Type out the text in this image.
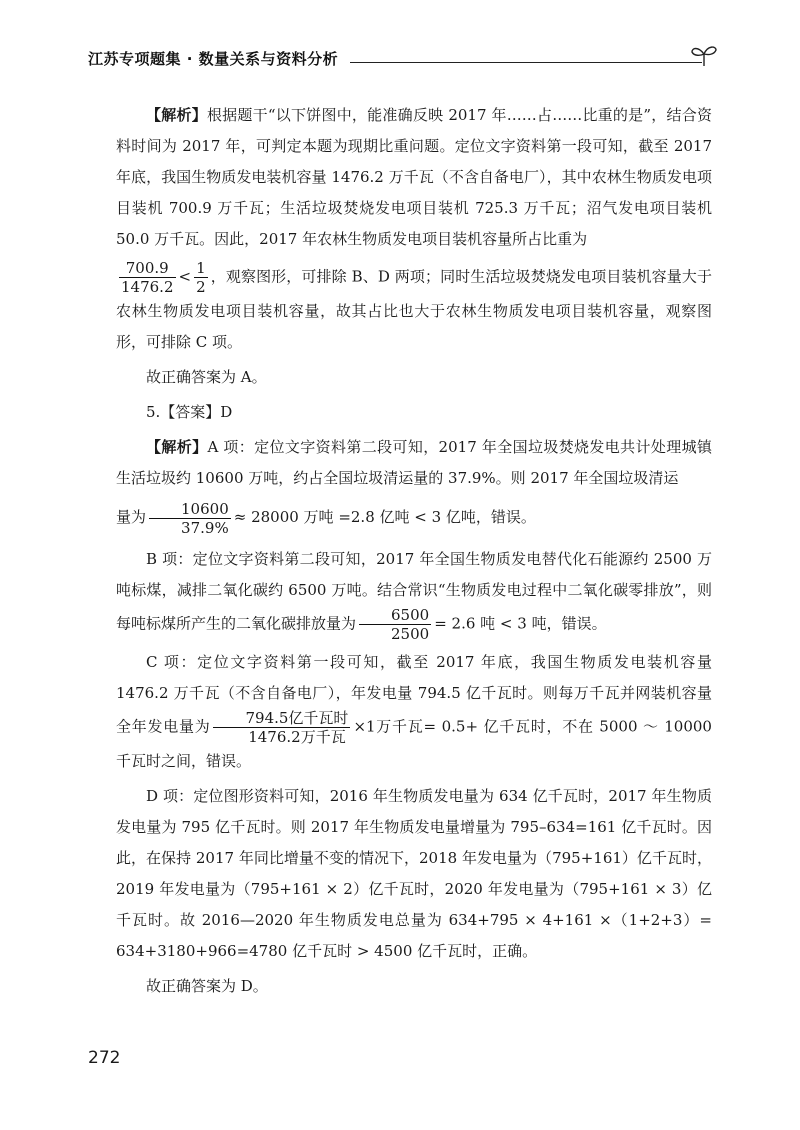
江苏专项题集 · 数量关系与资料分析

【解析】根据题干“以下饼图中，能准确反映 2017 年……占……比重的是”，结合资料时间为 2017 年，可判定本题为现期比重问题。定位文字资料第一段可知，截至 2017 年底，我国生物质发电装机容量 1476.2 万千瓦（不含自备电厂），其中农林生物质发电项目装机 700.9 万千瓦；生活垃圾焚烧发电项目装机 725.3 万千瓦；沼气发电项目装机 50.0 万千瓦。因此，2017 年农林生物质发电项目装机容量所占比重为

$\frac{700.9}{1476.2} < \frac{1}{2}$ ，观察图形，可排除 B、D 两项；同时生活垃圾焚烧发电项目装机容量大于农林生物质发电项目装机容量，故其占比也大于农林生物质发电项目装机容量，观察图形，可排除 C 项。

故正确答案为 A。

5.【答案】D

【解析】A 项：定位文字资料第二段可知，2017 年全国垃圾焚烧发电共计处理城镇生活垃圾约 10600 万吨，约占全国垃圾清运量的 37.9%。则 2017 年全国垃圾清运
量为 $\frac{10600}{37.9\%} \approx 28000$ 万吨 =2.8 亿吨 < 3 亿吨，错误。

B 项：定位文字资料第二段可知，2017 年全国生物质发电替代化石能源约 2500 万吨标煤，减排二氧化碳约 6500 万吨。结合常识“生物质发电过程中二氧化碳零排放”，则每吨标煤所产生的二氧化碳排放量为 $\frac{6500}{2500} = 2.6$ 吨 < 3 吨，错误。

C 项：定位文字资料第一段可知，截至 2017 年底，我国生物质发电装机容量 1476.2 万千瓦（不含自备电厂），年发电量 794.5 亿千瓦时。则每万千瓦并网装机容量全年发电量为 $\frac{\text{794.5亿千瓦时}}{\text{1476.2万千瓦}} \times 1$万千瓦= 0.5+ 亿千瓦时，不在 5000 ～ 10000 千瓦时之间，错误。

D 项：定位图形资料可知，2016 年生物质发电量为 634 亿千瓦时，2017 年生物质发电量为 795 亿千瓦时。则 2017 年生物质发电量增量为 795–634=161 亿千瓦时。因此，在保持 2017 年同比增量不变的情况下，2018 年发电量为（795+161）亿千瓦时，2019 年发电量为（795+161 × 2）亿千瓦时，2020 年发电量为（795+161 × 3）亿千瓦时。故 2016—2020 年生物质发电总量为 634+795 × 4+161 ×（1+2+3）= 634+3180+966=4780 亿千瓦时 > 4500 亿千瓦时，正确。

故正确答案为 D。

272
